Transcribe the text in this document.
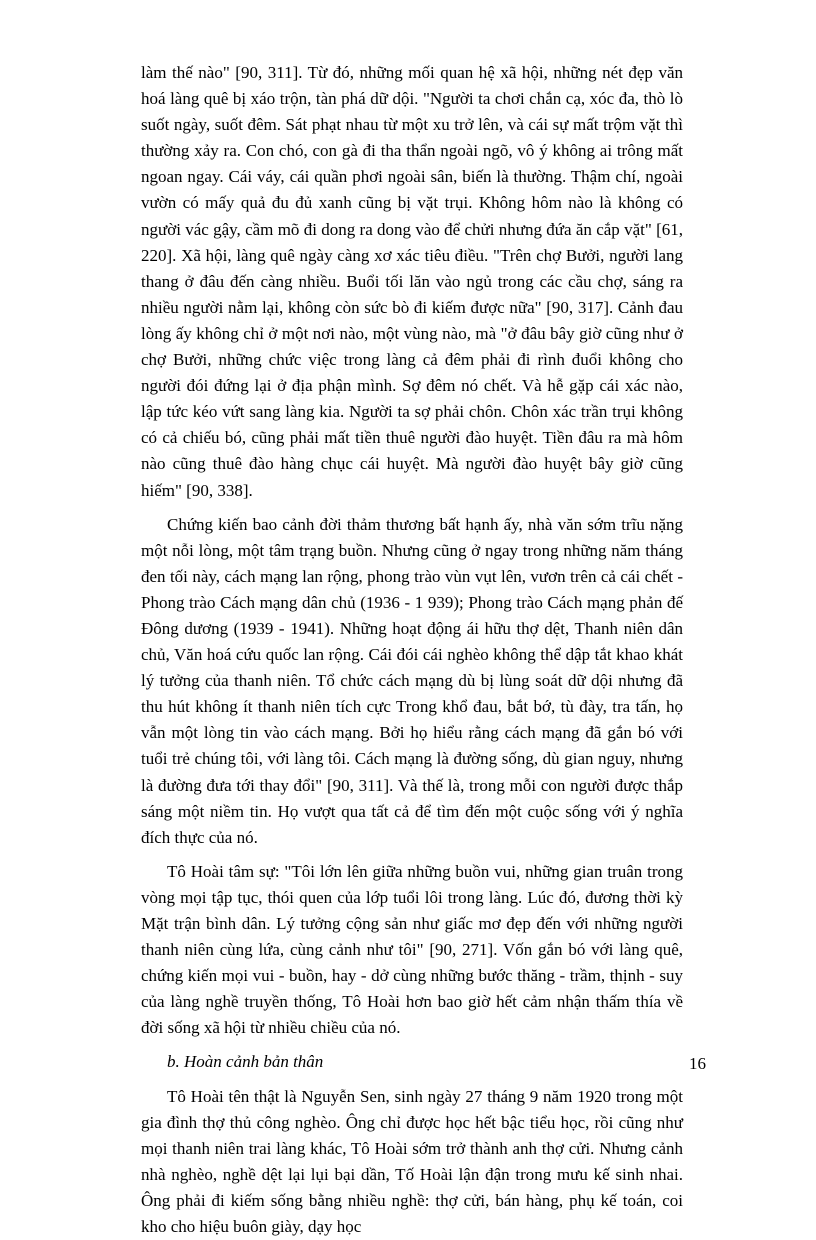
làm thế nào" [90, 311]. Từ đó, những mối quan hệ xã hội, những nét đẹp văn hoá làng quê bị xáo trộn, tàn phá dữ dội. "Người ta chơi chắn cạ, xóc đa, thò lò suốt ngày, suốt đêm. Sát phạt nhau từ một xu trở lên, và cái sự mất trộm vặt thì thường xảy ra. Con chó, con gà đi tha thẩn ngoài ngõ, vô ý không ai trông mất ngoan ngay. Cái váy, cái quần phơi ngoài sân, biến là thường. Thậm chí, ngoài vườn có mấy quả đu đủ xanh cũng bị vặt trụi. Không hôm nào là không có người vác gậy, cầm mõ đi dong ra dong vào để chửi nhưng đứa ăn cắp vặt" [61, 220]. Xã hội, làng quê ngày càng xơ xác tiêu điều. "Trên chợ Bưởi, người lang thang ở đâu đến càng nhiều. Buổi tối lăn vào ngủ trong các cầu chợ, sáng ra nhiều người nằm lại, không còn sức bò đi kiếm được nữa" [90, 317]. Cảnh đau lòng ấy không chỉ ở một nơi nào, một vùng nào, mà "ở đâu bây giờ cũng như ở chợ Bưởi, những chức việc trong làng cả đêm phải đi rình đuổi không cho người đói đứng lại ở địa phận mình. Sợ đêm nó chết. Và hễ gặp cái xác nào, lập tức kéo vứt sang làng kia. Người ta sợ phải chôn. Chôn xác trần trụi không có cả chiếu bó, cũng phải mất tiền thuê người đào huyệt. Tiền đâu ra mà hôm nào cũng thuê đào hàng chục cái huyệt. Mà người đào huyệt bây giờ cũng hiếm" [90, 338].

Chứng kiến bao cảnh đời thảm thương bất hạnh ấy, nhà văn sớm trĩu nặng một nỗi lòng, một tâm trạng buồn. Nhưng cũng ở ngay trong những năm tháng đen tối này, cách mạng lan rộng, phong trào vùn vụt lên, vươn trên cả cái chết - Phong trào Cách mạng dân chủ (1936 - 1 939); Phong trào Cách mạng phản đế Đông dương (1939 - 1941). Những hoạt động ái hữu thợ dệt, Thanh niên dân chủ, Văn hoá cứu quốc lan rộng. Cái đói cái nghèo không thể dập tắt khao khát lý tưởng của thanh niên. Tổ chức cách mạng dù bị lùng soát dữ dội nhưng đã thu hút không ít thanh niên tích cực Trong khổ đau, bắt bớ, tù đày, tra tấn, họ vẫn một lòng tin vào cách mạng. Bởi họ hiểu rằng cách mạng đã gắn bó với tuổi trẻ chúng tôi, với làng tôi. Cách mạng là đường sống, dù gian nguy, nhưng là đường đưa tới thay đổi" [90, 311]. Và thế là, trong mỗi con người được thắp sáng một niềm tin. Họ vượt qua tất cả để tìm đến một cuộc sống với ý nghĩa đích thực của nó.

Tô Hoài tâm sự: "Tôi lớn lên giữa những buồn vui, những gian truân trong vòng mọi tập tục, thói quen của lớp tuổi lôi trong làng. Lúc đó, đương thời kỳ Mặt trận bình dân. Lý tưởng cộng sản như giấc mơ đẹp đến với những người thanh niên cùng lứa, cùng cảnh như tôi" [90, 271]. Vốn gắn bó với làng quê, chứng kiến mọi vui - buồn, hay - dở cùng những bước thăng - trầm, thịnh - suy của làng nghề truyền thống, Tô Hoài hơn bao giờ hết cảm nhận thấm thía về đời sống xã hội từ nhiều chiều của nó.

b. Hoàn cảnh bản thân

Tô Hoài tên thật là Nguyễn Sen, sinh ngày 27 tháng 9 năm 1920 trong một gia đình thợ thủ công nghèo. Ông chỉ được học hết bậc tiểu học, rồi cũng như mọi thanh niên trai làng khác, Tô Hoài sớm trở thành anh thợ cửi. Nhưng cảnh nhà nghèo, nghề dệt lại lụi bại dần, Tố Hoài lận đận trong mưu kế sinh nhai. Ông phải đi kiếm sống bằng nhiều nghề: thợ cửi, bán hàng, phụ kế toán, coi kho cho hiệu buôn giày, dạy học

16
